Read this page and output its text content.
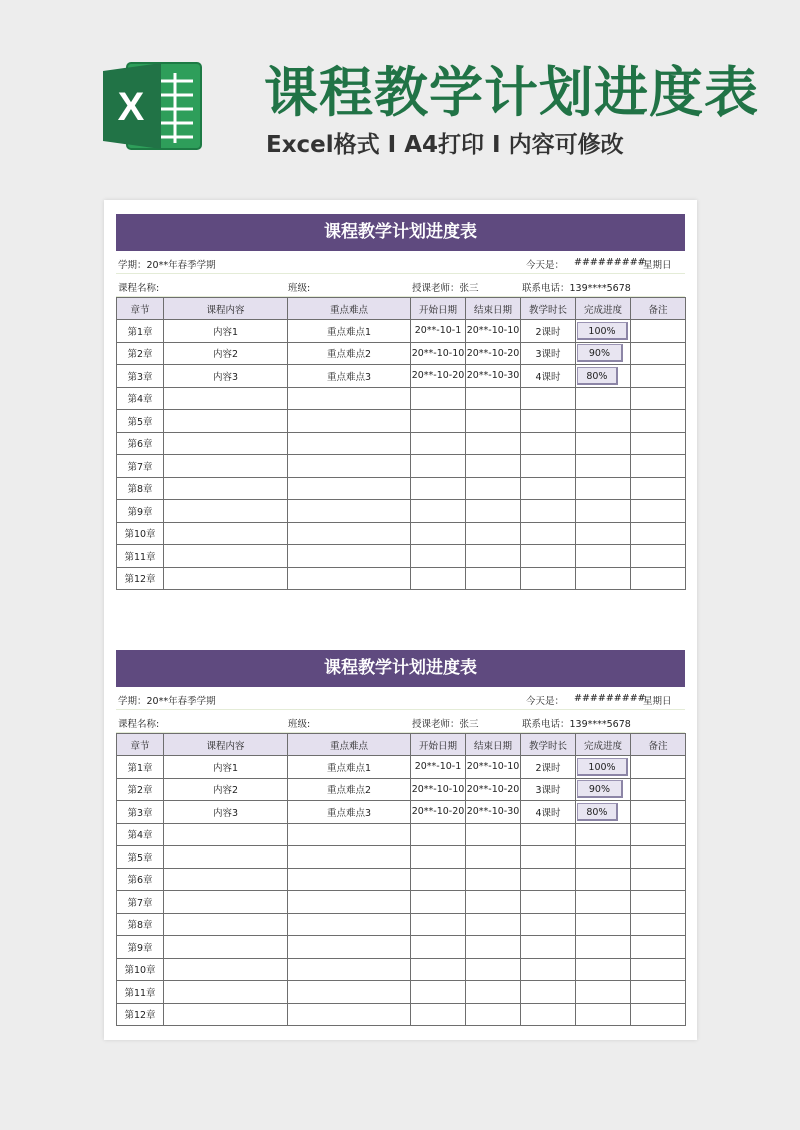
X 课程教学计划进度表
Excel格式 I A4打印 I 内容可修改
课程教学计划进度表
学期：20**年春季学期	今天是： #########
星期日
课程名称:	班级:	授课老师：张三	联系电话：139****5678
章节	课程内容	重点难点	开始日期	结束日期	教学时长	完成进度	备注
第1章	内容1	重点难点1	20**-10-1	20**-10-10	2课时	100%	

第2章	内容2	重点难点2	20**-10-10	20**-10-20	3课时	90%	

第3章	内容3	重点难点3	20**-10-20	20**-10-30	4课时	80%	

第4章							
第5章							
第6章							
第7章							
第8章							
第9章							
第10章							
第11章							
第12章							
课程教学计划进度表
学期：20**年春季学期	今天是： #########
星期日
课程名称:	班级:	授课老师：张三	联系电话：139****5678
章节	课程内容	重点难点	开始日期	结束日期	教学时长	完成进度	备注
第1章	内容1	重点难点1	20**-10-1	20**-10-10	2课时	100%	

第2章	内容2	重点难点2	20**-10-10	20**-10-20	3课时	90%	

第3章	内容3	重点难点3	20**-10-20	20**-10-30	4课时	80%	

第4章							
第5章							
第6章							
第7章							
第8章							
第9章							
第10章							
第11章							
第12章							
